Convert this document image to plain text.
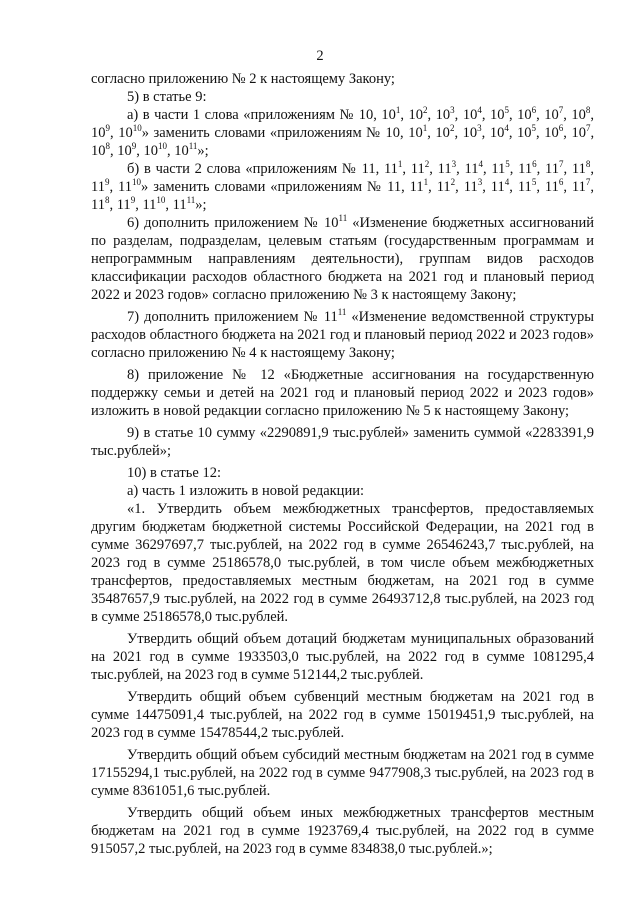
2

согласно приложению № 2 к настоящему Закону;

5) в статье 9:

а) в части 1 слова «приложениям № 10, $10^1$, $10^2$, $10^3$, $10^4$, $10^5$, $10^6$, $10^7$, $10^8$, $10^9$, $10^{10}$» заменить словами «приложениям № 10, $10^1$, $10^2$, $10^3$, $10^4$, $10^5$, $10^6$, $10^7$, $10^8$, $10^9$, $10^{10}$, $10^{11}$»;

б) в части 2 слова «приложениям № 11, $11^1$, $11^2$, $11^3$, $11^4$, $11^5$, $11^6$, $11^7$, $11^8$, $11^9$, $11^{10}$» заменить словами «приложениям № 11, $11^1$, $11^2$, $11^3$, $11^4$, $11^5$, $11^6$, $11^7$, $11^8$, $11^9$, $11^{10}$, $11^{11}$»;

6) дополнить приложением № $10^{11}$ «Изменение бюджетных ассигнований по разделам, подразделам, целевым статьям (государственным программам и непрограммным направлениям деятельности), группам видов расходов классификации расходов областного бюджета на 2021 год и плановый период 2022 и 2023 годов» согласно приложению № 3 к настоящему Закону;

7) дополнить приложением № $11^{11}$ «Изменение ведомственной структуры расходов областного бюджета на 2021 год и плановый период 2022 и 2023 годов» согласно приложению № 4 к настоящему Закону;

8) приложение № 12 «Бюджетные ассигнования на государственную поддержку семьи и детей на 2021 год и плановый период 2022 и 2023 годов» изложить в новой редакции согласно приложению № 5 к настоящему Закону;

9) в статье 10 сумму «2290891,9 тыс.рублей» заменить суммой «2283391,9 тыс.рублей»;

10) в статье 12:

а) часть 1 изложить в новой редакции:

«1. Утвердить объем межбюджетных трансфертов, предоставляемых другим бюджетам бюджетной системы Российской Федерации, на 2021 год в сумме 36297697,7 тыс.рублей, на 2022 год в сумме 26546243,7 тыс.рублей, на 2023 год в сумме 25186578,0 тыс.рублей, в том числе объем межбюджетных трансфертов, предоставляемых местным бюджетам, на 2021 год в сумме 35487657,9 тыс.рублей, на 2022 год в сумме 26493712,8 тыс.рублей, на 2023 год в сумме 25186578,0 тыс.рублей.

Утвердить общий объем дотаций бюджетам муниципальных образований на 2021 год в сумме 1933503,0 тыс.рублей, на 2022 год в сумме 1081295,4 тыс.рублей, на 2023 год в сумме 512144,2 тыс.рублей.

Утвердить общий объем субвенций местным бюджетам на 2021 год в сумме 14475091,4 тыс.рублей, на 2022 год в сумме 15019451,9 тыс.рублей, на 2023 год в сумме 15478544,2 тыс.рублей.

Утвердить общий объем субсидий местным бюджетам на 2021 год в сумме 17155294,1 тыс.рублей, на 2022 год в сумме 9477908,3 тыс.рублей, на 2023 год в сумме 8361051,6 тыс.рублей.

Утвердить общий объем иных межбюджетных трансфертов местным бюджетам на 2021 год в сумме 1923769,4 тыс.рублей, на 2022 год в сумме 915057,2 тыс.рублей, на 2023 год в сумме 834838,0 тыс.рублей.»;
